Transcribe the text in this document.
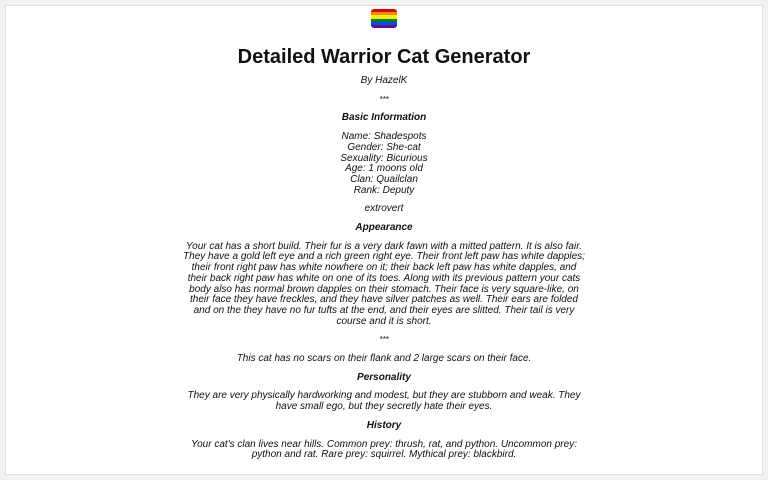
Detailed Warrior Cat Generator

By HazelK

***

Basic Information

Name: Shadespots
Gender: She-cat
Sexuality: Bicurious
Age: 1 moons old
Clan: Quailclan
Rank: Deputy

extrovert

Appearance

Your cat has a short build. Their fur is a very dark fawn with a mitted pattern. It is also fair. They have a gold left eye and a rich green right eye. Their front left paw has white dapples; their front right paw has white nowhere on it; their back left paw has white dapples, and their back right paw has white on one of its toes. Along with its previous pattern your cats body also has normal brown dapples on their stomach. Their face is very square-like, on their face they have freckles, and they have silver patches as well. Their ears are folded and on the they have no fur tufts at the end, and their eyes are slitted. Their tail is very course and it is short.

***

This cat has no scars on their flank and 2 large scars on their face.

Personality

They are very physically hardworking and modest, but they are stubborn and weak. They have small ego, but they secretly hate their eyes.

History

Your cat's clan lives near hills. Common prey: thrush, rat, and python. Uncommon prey: python and rat. Rare prey: squirrel. Mythical prey: blackbird.
